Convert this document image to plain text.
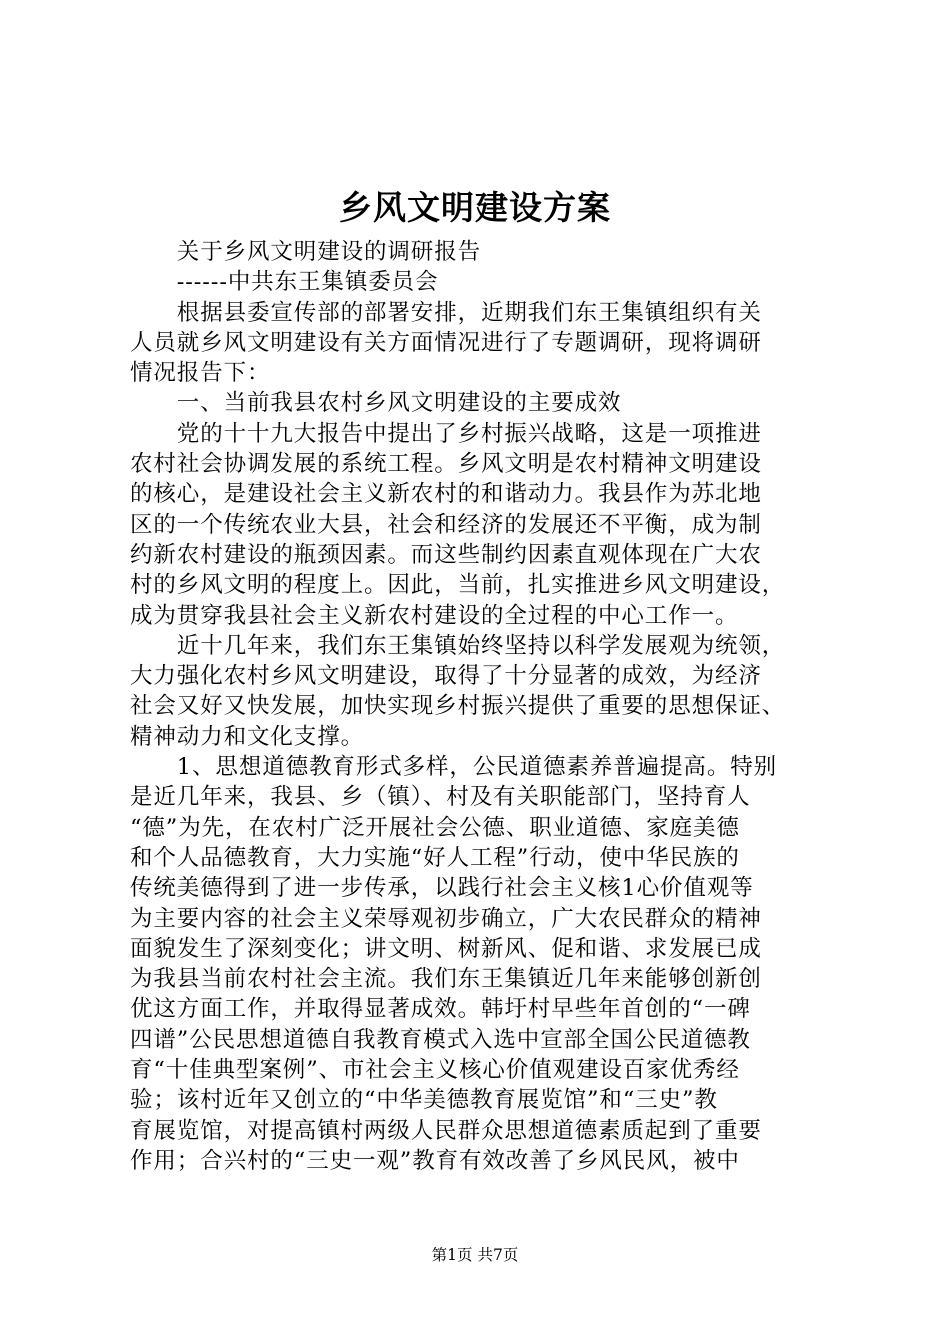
乡风文明建设方案
　　关于乡风文明建设的调研报告
　　------中共东王集镇委员会
　　根据县委宣传部的部署安排，近期我们东王集镇组织有关
人员就乡风文明建设有关方面情况进行了专题调研，现将调研
情况报告下：
　　一、当前我县农村乡风文明建设的主要成效
　　党的十十九大报告中提出了乡村振兴战略，这是一项推进
农村社会协调发展的系统工程。乡风文明是农村精神文明建设
的核心，是建设社会主义新农村的和谐动力。我县作为苏北地
区的一个传统农业大县，社会和经济的发展还不平衡，成为制
约新农村建设的瓶颈因素。而这些制约因素直观体现在广大农
村的乡风文明的程度上。因此，当前，扎实推进乡风文明建设，
成为贯穿我县社会主义新农村建设的全过程的中心工作一。
　　近十几年来，我们东王集镇始终坚持以科学发展观为统领，
大力强化农村乡风文明建设，取得了十分显著的成效，为经济
社会又好又快发展，加快实现乡村振兴提供了重要的思想保证、
精神动力和文化支撑。
　　1、思想道德教育形式多样，公民道德素养普遍提高。特别
是近几年来，我县、乡（镇）、村及有关职能部门，坚持育人
“德”为先，在农村广泛开展社会公德、职业道德、家庭美德
和个人品德教育，大力实施“好人工程”行动，使中华民族的
传统美德得到了进一步传承，以践行社会主义核1心价值观等
为主要内容的社会主义荣辱观初步确立，广大农民群众的精神
面貌发生了深刻变化；讲文明、树新风、促和谐、求发展已成
为我县当前农村社会主流。我们东王集镇近几年来能够创新创
优这方面工作，并取得显著成效。韩圩村早些年首创的“一碑
四谱”公民思想道德自我教育模式入选中宣部全国公民道德教
育“十佳典型案例”、市社会主义核心价值观建设百家优秀经
验；该村近年又创立的“中华美德教育展览馆”和“三史”教
育展览馆，对提高镇村两级人民群众思想道德素质起到了重要
作用；合兴村的“三史一观”教育有效改善了乡风民风，被中
第1页 共7页
